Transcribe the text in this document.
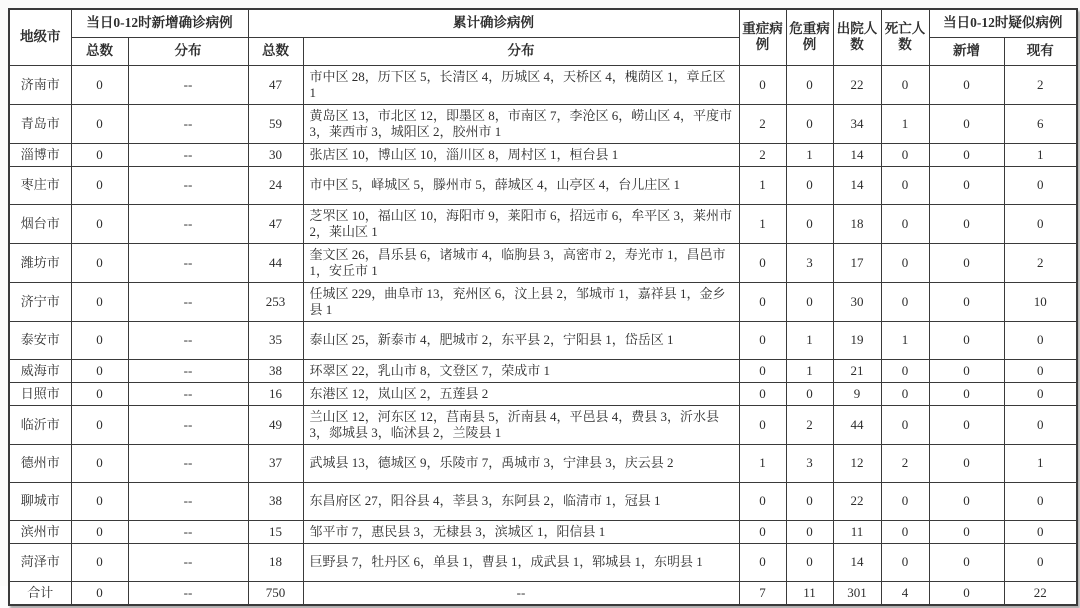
地级市	当日0-12时新增确诊病例		累计确诊病例		重症病例	危重病例	出院人数	死亡人数	当日0-12时疑似病例	
	总数	分布	总数	分布					新增	现有
济南市	0	--	47	市中区 28，历下区 5，长清区 4，历城区 4，天桥区 4，槐荫区 1，章丘区 1	0	0	22	0	0	2
青岛市	0	--	59	黄岛区 13，市北区 12，即墨区 8，市南区 7，李沧区 6，崂山区 4，平度市 3，莱西市 3，城阳区 2，胶州市 1	2	0	34	1	0	6
淄博市	0	--	30	张店区 10，博山区 10，淄川区 8，周村区 1，桓台县 1	2	1	14	0	0	1
枣庄市	0	--	24	市中区 5，峄城区 5，滕州市 5，薛城区 4，山亭区 4，台儿庄区 1	1	0	14	0	0	0
烟台市	0	--	47	芝罘区 10，福山区 10，海阳市 9，莱阳市 6，招远市 6，牟平区 3，莱州市 2，莱山区 1	1	0	18	0	0	0
潍坊市	0	--	44	奎文区 26，昌乐县 6，诸城市 4，临朐县 3，高密市 2，寿光市 1，昌邑市 1，安丘市 1	0	3	17	0	0	2
济宁市	0	--	253	任城区 229，曲阜市 13，兖州区 6，汶上县 2，邹城市 1，嘉祥县 1，金乡县 1	0	0	30	0	0	10
泰安市	0	--	35	泰山区 25，新泰市 4，肥城市 2，东平县 2，宁阳县 1，岱岳区 1	0	1	19	1	0	0
威海市	0	--	38	环翠区 22，乳山市 8，文登区 7，荣成市 1	0	1	21	0	0	0
日照市	0	--	16	东港区 12，岚山区 2，五莲县 2	0	0	9	0	0	0
临沂市	0	--	49	兰山区 12，河东区 12，莒南县 5，沂南县 4，平邑县 4，费县 3，沂水县 3，郯城县 3，临沭县 2，兰陵县 1	0	2	44	0	0	0
德州市	0	--	37	武城县 13，德城区 9，乐陵市 7，禹城市 3，宁津县 3，庆云县 2	1	3	12	2	0	1
聊城市	0	--	38	东昌府区 27，阳谷县 4，莘县 3，东阿县 2，临清市 1，冠县 1	0	0	22	0	0	0
滨州市	0	--	15	邹平市 7，惠民县 3，无棣县 3，滨城区 1，阳信县 1	0	0	11	0	0	0
菏泽市	0	--	18	巨野县 7，牡丹区 6，单县 1，曹县 1，成武县 1，郓城县 1，东明县 1	0	0	14	0	0	0
合计	0	--	750	--	7	11	301	4	0	22
